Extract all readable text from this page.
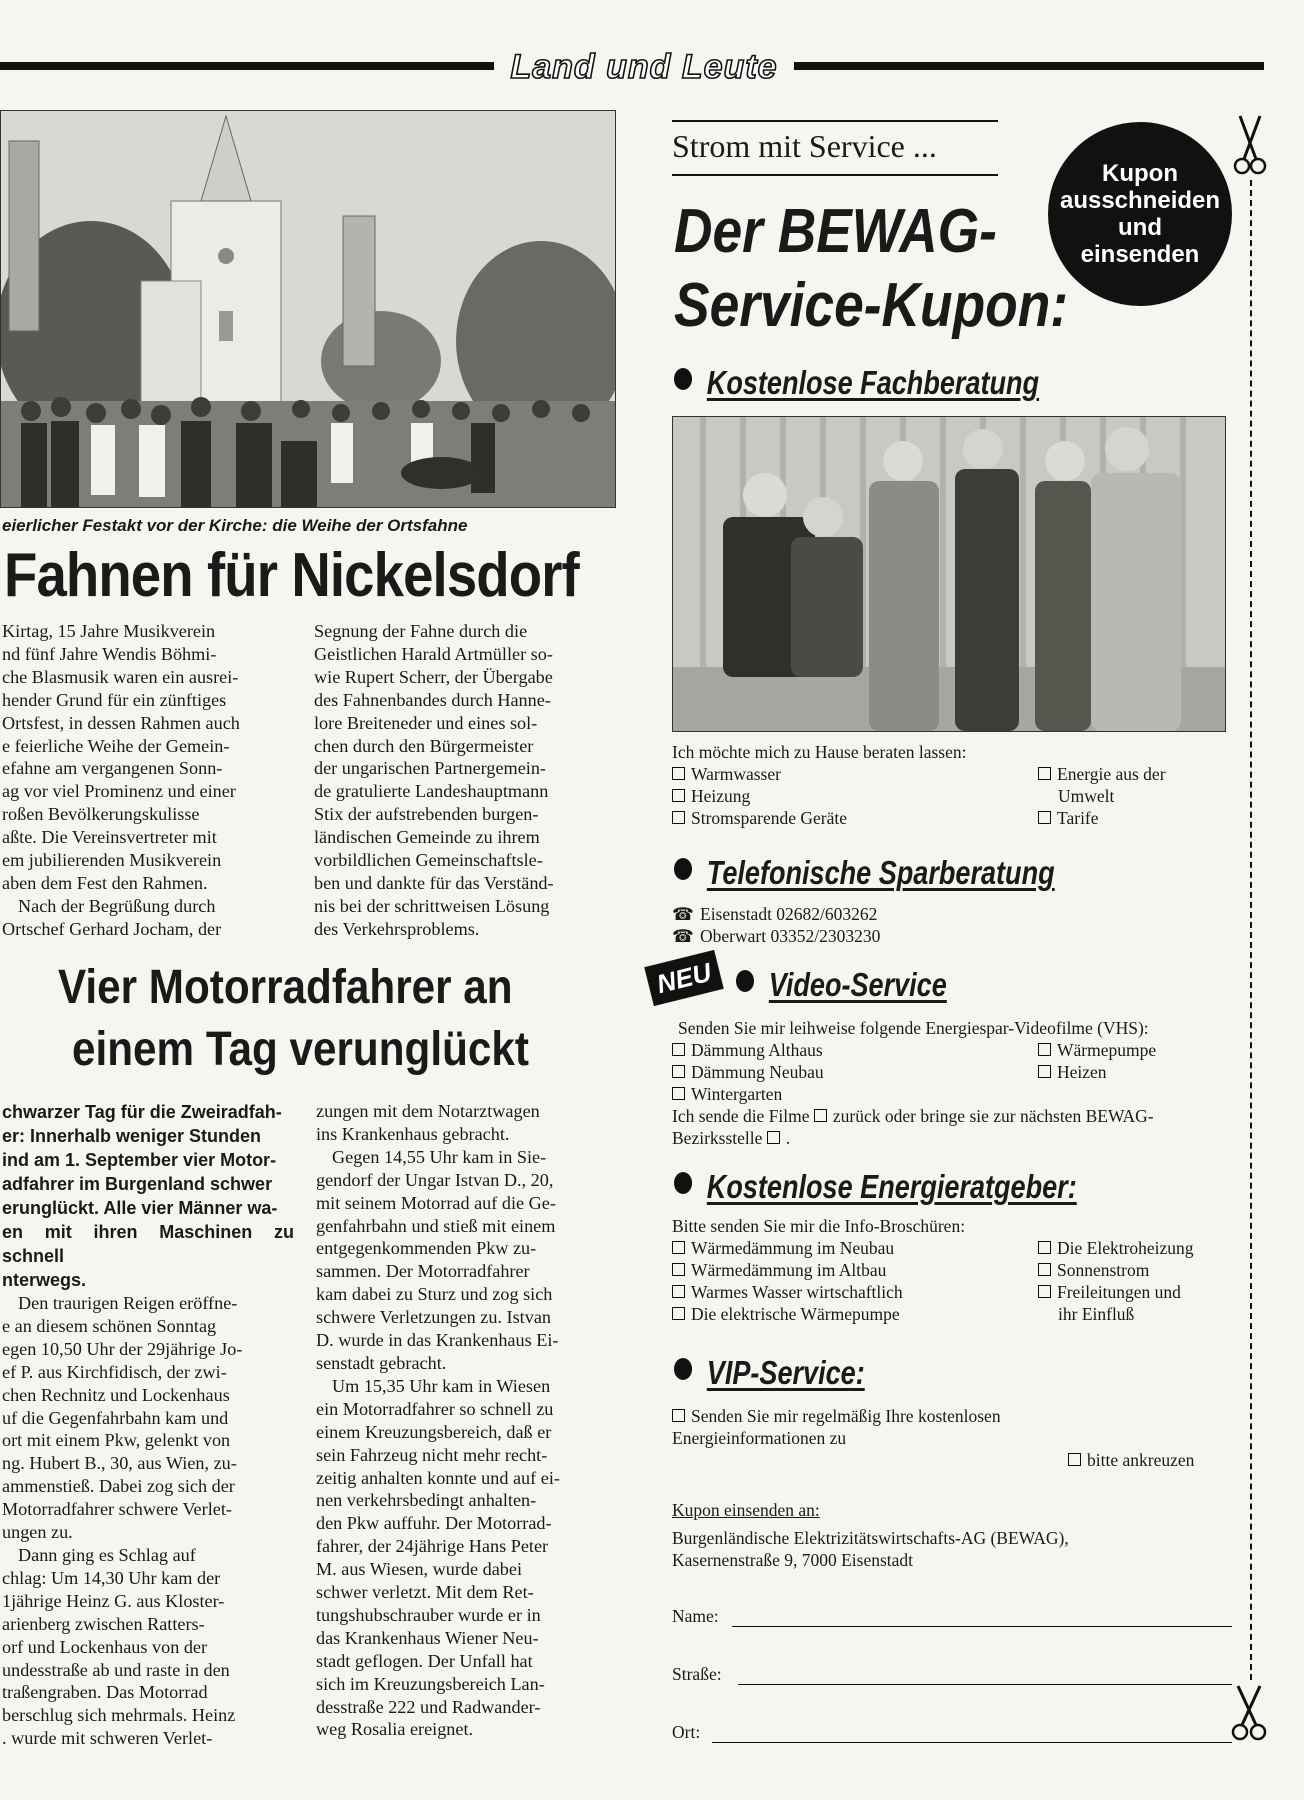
Land und Leute
eierlicher Festakt vor der Kirche: die Weihe der Ortsfahne
Fahnen für Nickelsdorf

Kirtag, 15 Jahre Musikverein

nd fünf Jahre Wendis Böhmi-

che Blasmusik waren ein ausrei-

hender Grund für ein zünftiges

Ortsfest, in dessen Rahmen auch

e feierliche Weihe der Gemein-

efahne am vergangenen Sonn-

ag vor viel Prominenz und einer

roßen Bevölkerungskulisse

aßte. Die Vereinsvertreter mit

em jubilierenden Musikverein

aben dem Fest den Rahmen.

Nach der Begrüßung durch

Ortschef Gerhard Jocham, der

Segnung der Fahne durch die

Geistlichen Harald Artmüller so-

wie Rupert Scherr, der Übergabe

des Fahnenbandes durch Hanne-

lore Breiteneder und eines sol-

chen durch den Bürgermeister

der ungarischen Partnergemein-

de gratulierte Landeshauptmann

Stix der aufstrebenden burgen-

ländischen Gemeinde zu ihrem

vorbildlichen Gemeinschaftsle-

ben und dankte für das Verständ-

nis bei der schrittweisen Lösung

des Verkehrsproblems.

Vier Motorradfahrer an
einem Tag verunglückt
chwarzer Tag für die Zweiradfah-
er: Innerhalb weniger Stunden
ind am 1. September vier Motor-
adfahrer im Burgenland schwer
erunglückt. Alle vier Männer wa-
en mit ihren Maschinen zu schnell
nterwegs.

Den traurigen Reigen eröffne-

e an diesem schönen Sonntag

egen 10,50 Uhr der 29jährige Jo-

ef P. aus Kirchfidisch, der zwi-

chen Rechnitz und Lockenhaus

uf die Gegenfahrbahn kam und

ort mit einem Pkw, gelenkt von

ng. Hubert B., 30, aus Wien, zu-

ammenstieß. Dabei zog sich der

Motorradfahrer schwere Verlet-

ungen zu.

Dann ging es Schlag auf

chlag: Um 14,30 Uhr kam der

1jährige Heinz G. aus Kloster-

arienberg zwischen Ratters-

orf und Lockenhaus von der

undesstraße ab und raste in den

traßengraben. Das Motorrad

berschlug sich mehrmals. Heinz

. wurde mit schweren Verlet-

zungen mit dem Notarztwagen

ins Krankenhaus gebracht.

Gegen 14,55 Uhr kam in Sie-

gendorf der Ungar Istvan D., 20,

mit seinem Motorrad auf die Ge-

genfahrbahn und stieß mit einem

entgegenkommenden Pkw zu-

sammen. Der Motorradfahrer

kam dabei zu Sturz und zog sich

schwere Verletzungen zu. Istvan

D. wurde in das Krankenhaus Ei-

senstadt gebracht.

Um 15,35 Uhr kam in Wiesen

ein Motorradfahrer so schnell zu

einem Kreuzungsbereich, daß er

sein Fahrzeug nicht mehr recht-

zeitig anhalten konnte und auf ei-

nen verkehrsbedingt anhalten-

den Pkw auffuhr. Der Motorrad-

fahrer, der 24jährige Hans Peter

M. aus Wiesen, wurde dabei

schwer verletzt. Mit dem Ret-

tungshubschrauber wurde er in

das Krankenhaus Wiener Neu-

stadt geflogen. Der Unfall hat

sich im Kreuzungsbereich Lan-

desstraße 222 und Radwander-

weg Rosalia ereignet.

Strom mit Service ...
Der BEWAG-
Service-Kupon:
Kupon
ausschneiden
und
einsenden
Kostenlose Fachberatung
Ich möchte mich zu Hause beraten lassen:
Warmwasser
Heizung
Stromsparende Geräte
Energie aus der
Umwelt
Tarife
Telefonische Sparberatung
☎ Eisenstadt 02682/603262
☎ Oberwart 03352/2303230
NEU	Video-Service
Senden Sie mir leihweise folgende Energiespar-Videofilme (VHS):
Dämmung Althaus
Dämmung Neubau
Wintergarten
Wärmepumpe
Heizen
Ich sende die Filme zurück oder bringe sie zur nächsten BEWAG-
Bezirksstelle .
Kostenlose Energieratgeber:
Bitte senden Sie mir die Info-Broschüren:
Wärmedämmung im Neubau
Wärmedämmung im Altbau
Warmes Wasser wirtschaftlich
Die elektrische Wärmepumpe
Die Elektroheizung
Sonnenstrom
Freileitungen und
ihr Einfluß
VIP-Service:
Senden Sie mir regelmäßig Ihre kostenlosen
Energieinformationen zu
bitte ankreuzen
Kupon einsenden an:
Burgenländische Elektrizitätswirtschafts-AG (BEWAG),
Kasernenstraße 9, 7000 Eisenstadt
Name:
Straße:
Ort:
